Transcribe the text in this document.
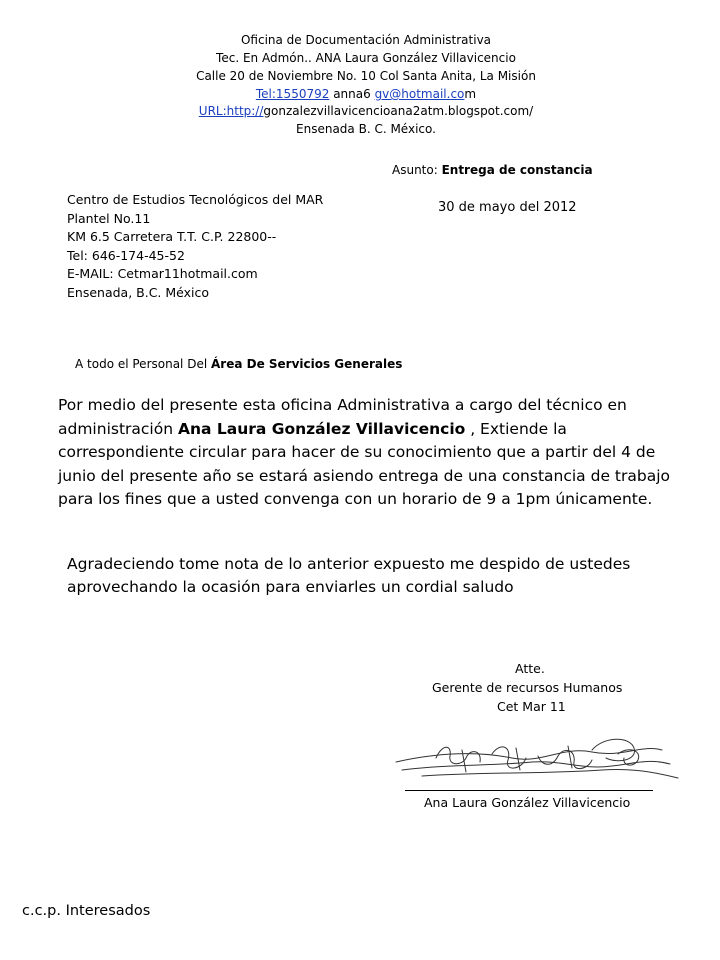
Oficina de Documentación Administrativa
Tec. En Admón.. ANA Laura González Villavicencio
Calle 20 de Noviembre No. 10 Col Santa Anita, La Misión
Tel:1550792 anna6 gv@hotmail.com
URL:http://gonzalezvillavicencioana2atm.blogspot.com/
Ensenada B. C. México.
Asunto: Entrega de constancia
30 de mayo del 2012
Centro de Estudios Tecnológicos del MAR
Plantel No.11
KM 6.5 Carretera T.T. C.P. 22800--
Tel: 646-174-45-52
E-MAIL: Cetmar11hotmail.com
Ensenada, B.C. México
A todo el Personal Del Área De Servicios Generales
Por medio del presente esta oficina Administrativa a cargo del técnico en administración Ana Laura González Villavicencio , Extiende la correspondiente circular para hacer de su conocimiento que a partir del 4 de junio del presente año se estará asiendo entrega de una constancia de trabajo para los fines que a usted convenga con un horario de 9 a 1pm únicamente.
Agradeciendo tome nota de lo anterior expuesto me despido de ustedes aprovechando la ocasión para enviarles un cordial saludo
Atte.
Gerente de recursos Humanos
Cet Mar 11
Ana Laura González Villavicencio
c.c.p. Interesados
